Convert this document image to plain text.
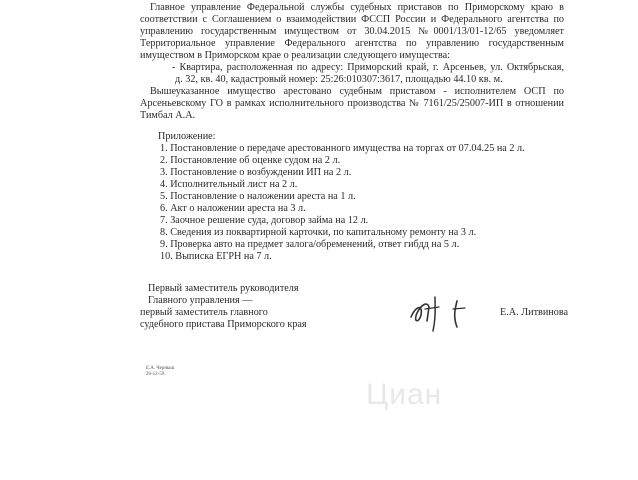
Главное управление Федеральной службы судебных приставов по Приморскому краю в
соответствии с Соглашением о взаимодействии ФССП России и Федерального агентства по
управлению государственным имуществом от 30.04.2015 №0001/13/01-12/65 уведомляет
Территориальное управление Федерального агентства по управлению государственным
имуществом в Приморском крае о реализации следующего имущества:
- Квартира, расположенная по адресу: Приморский край, г. Арсеньев, ул. Октябрьская,
д. 32, кв. 40, кадастровый номер: 25:26:010307:3617, площадью 44.10 кв. м.
Вышеуказанное имущество арестовано судебным приставом - исполнителем ОСП по
Арсеньевскому ГО в рамках исполнительного производства № 7161/25/25007-ИП в отношении
Тимбал А.А.
Приложение:
1. Постановление о передаче арестованного имущества на торгах от 07.04.25 на 2 л.
2. Постановление об оценке судом на 2 л.
3. Постановление о возбуждении ИП на 2 л.
4. Исполнительный лист на 2 л.
5. Постановление о наложении ареста на 1 л.
6. Акт о наложении ареста на 3 л.
7. Заочное решение суда, договор займа на 12 л.
8. Сведения из поквартирной карточки, по капитальному ремонту на 3 л.
9. Проверка авто на предмет залога/обременений, ответ гибдд на 5 л.
10. Выписка ЕГРН на 7 л.
Первый заместитель руководителя
Главного управления —
первый заместитель главного
судебного пристава Приморского края
Е.А. Литвинова
Е.А. Черныш
26-12-59
Циан
